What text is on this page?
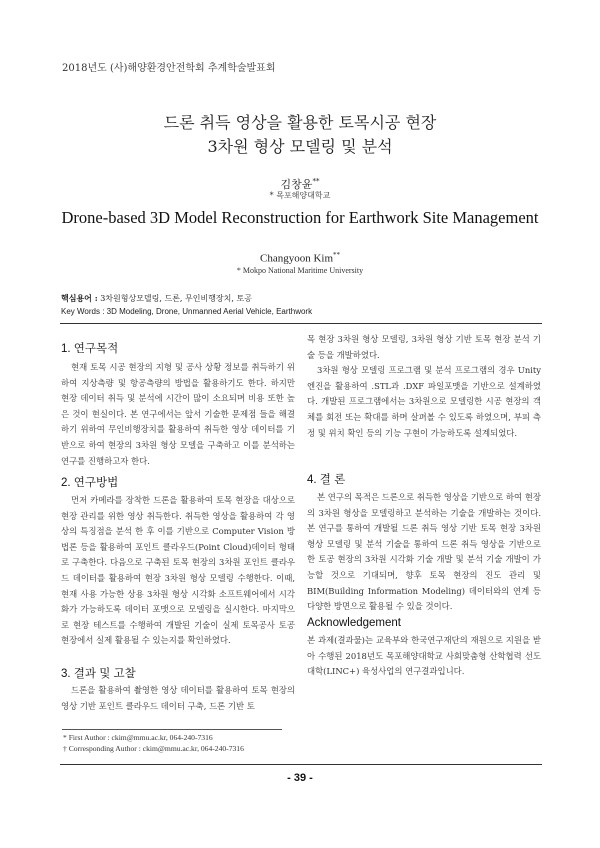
2018년도 (사)해양환경안전학회 추계학술발표회
드론 취득 영상을 활용한 토목시공 현장
3차원 형상 모델링 및 분석
김창윤**
* 목포해양대학교
Drone-based 3D Model Reconstruction for Earthwork Site Management
Changyoon Kim**
* Mokpo National Maritime University
핵심용어 : 3차원형상모델링, 드론, 무인비행장치, 토공
Key Words : 3D Modeling, Drone, Unmanned Aerial Vehicle, Earthwork
1. 연구목적

현재 토목 시공 현장의 지형 및 공사 상황 정보를 취득하기 위하여 지상측량 및 항공측량의 방법을 활용하기도 한다. 하지만 현장 데이터 취득 및 분석에 시간이 많이 소요되며 비용 또한 높은 것이 현실이다. 본 연구에서는 앞서 기술한 문제점 들을 해결하기 위하여 무인비행장치를 활용하여 취득한 영상 데이터를 기반으로 하여 현장의 3차원 형상 모델을 구축하고 이를 분석하는 연구를 진행하고자 한다.

2. 연구방법

먼저 카메라를 장착한 드론을 활용하여 토목 현장을 대상으로 현장 관리를 위한 영상 취득한다. 취득한 영상을 활용하여 각 영상의 특징점을 분석 한 후 이를 기반으로 Computer Vision 방법론 등을 활용하여 포인트 클라우드(Point Cloud)데이터 형태로 구축한다. 다음으로 구축된 토목 현장의 3차원 포인트 클라우드 데이터를 활용하여 현장 3차원 형상 모델링 수행한다. 이때, 현재 사용 가능한 상용 3차원 형상 시각화 소프트웨어에서 시각화가 가능하도록 데이터 포맷으로 모델링을 실시한다. 마지막으로 현장 테스트를 수행하여 개발된 기술이 실제 토목공사 토공 현장에서 실제 활용될 수 있는지를 확인하였다.

3. 결과 및 고찰

드론을 활용하여 촬영한 영상 데이터를 활용하여 토목 현장의 영상 기반 포인트 클라우드 데이터 구축, 드론 기반 토

목 현장 3차원 형상 모델링, 3차원 형상 기반 토목 현장 분석 기술 등을 개발하였다.

3차원 형상 모델링 프로그램 및 분석 프로그램의 경우 Unity엔진을 활용하여 .STL과 .DXF 파일포맷을 기반으로 설계하였다. 개발된 프로그램에서는 3차원으로 모델링한 시공 현장의 객체를 회전 또는 확대를 하며 살펴볼 수 있도록 하였으며, 부피 측정 및 위치 확인 등의 기능 구현이 가능하도록 설계되었다.

4. 결 론

본 연구의 목적은 드론으로 취득한 영상을 기반으로 하여 현장의 3차원 형상을 모델링하고 분석하는 기술을 개발하는 것이다. 본 연구를 통하여 개발될 드론 취득 영상 기반 토목 현장 3차원 형상 모델링 및 분석 기술을 통하여 드론 취득 영상을 기반으로 한 토공 현장의 3차원 시각화 기술 개발 및 분석 기술 개발이 가능할 것으로 기대되며, 향후 토목 현장의 진도 관리 및 BIM(Building Information Modeling) 데이터와의 연계 등 다양한 방면으로 활용될 수 있을 것이다.

Acknowledgement

본 과제(결과물)는 교육부와 한국연구재단의 재원으로 지원을 받아 수행된 2018년도 목포해양대학교 사회맞춤형 산학협력 선도대학(LINC+) 육성사업의 연구결과입니다.

* First Author : ckim@mmu.ac.kr, 064-240-7316
† Corresponding Author : ckim@mmu.ac.kr, 064-240-7316
- 39 -
